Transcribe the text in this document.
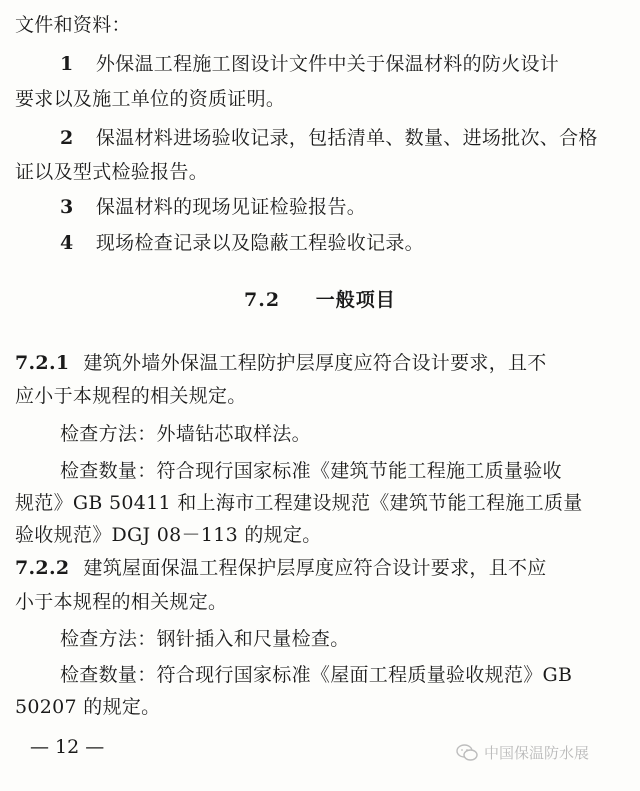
文件和资料：
1 外保温工程施工图设计文件中关于保温材料的防火设计
要求以及施工单位的资质证明。
2 保温材料进场验收记录，包括清单、数量、进场批次、合格
证以及型式检验报告。
3 保温材料的现场见证检验报告。
4 现场检查记录以及隐蔽工程验收记录。
7.2 一般项目
7.2.1 建筑外墙外保温工程防护层厚度应符合设计要求，且不
应小于本规程的相关规定。
检查方法：外墙钻芯取样法。
检查数量：符合现行国家标准《建筑节能工程施工质量验收
规范》GB 50411 和上海市工程建设规范《建筑节能工程施工质量
验收规范》DGJ 08－113 的规定。
7.2.2 建筑屋面保温工程保护层厚度应符合设计要求，且不应
小于本规程的相关规定。
检查方法：钢针插入和尺量检查。
检查数量：符合现行国家标准《屋面工程质量验收规范》GB
50207 的规定。
— 12 —	中国保温防水展
